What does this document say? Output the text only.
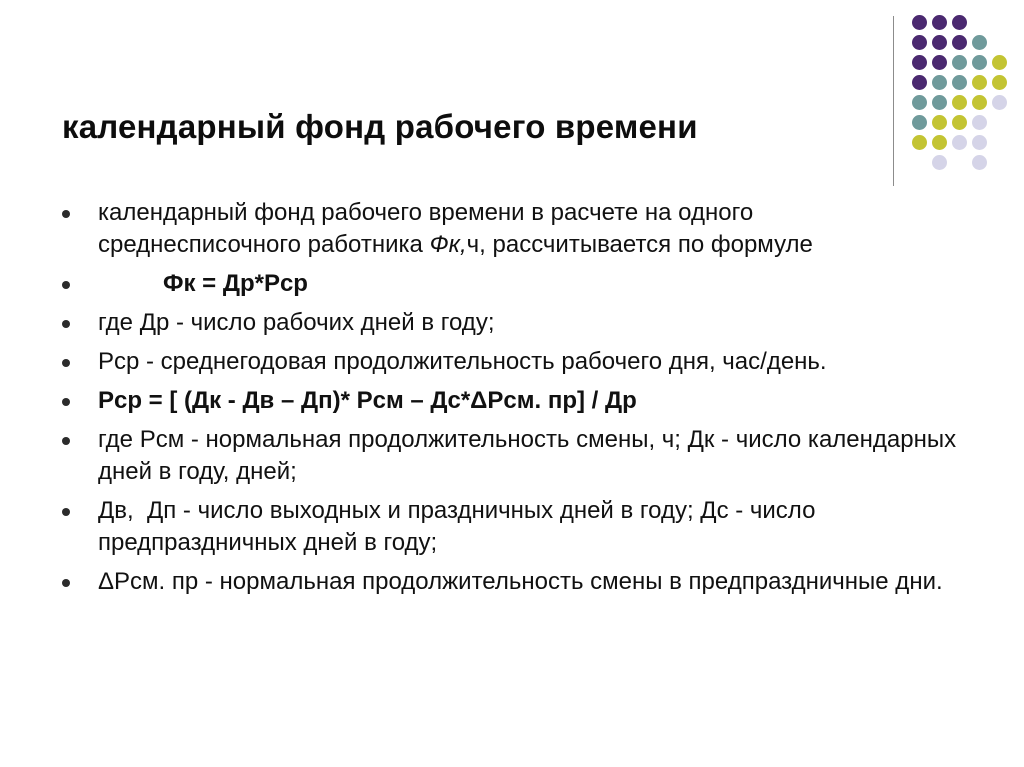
календарный фонд рабочего времени
календарный фонд рабочего времени в расчете на одного среднесписочного работника Фк,ч, рассчитывается по формуле
Фк = Др*Рср
где Др - число рабочих дней в году;
Рср - среднегодовая продолжительность рабочего дня, час/день.
Рср = [ (Дк - Дв – Дп)* Рсм – Дс*ΔРсм. пр] / Др
где Рсм - нормальная продолжительность смены, ч; Дк - число календарных дней в году, дней;
Дв,  Дп - число выходных и праздничных дней в году; Дс - число предпраздничных дней в году;
ΔРсм. пр - нормальная продолжительность смены в предпраздничные дни.
